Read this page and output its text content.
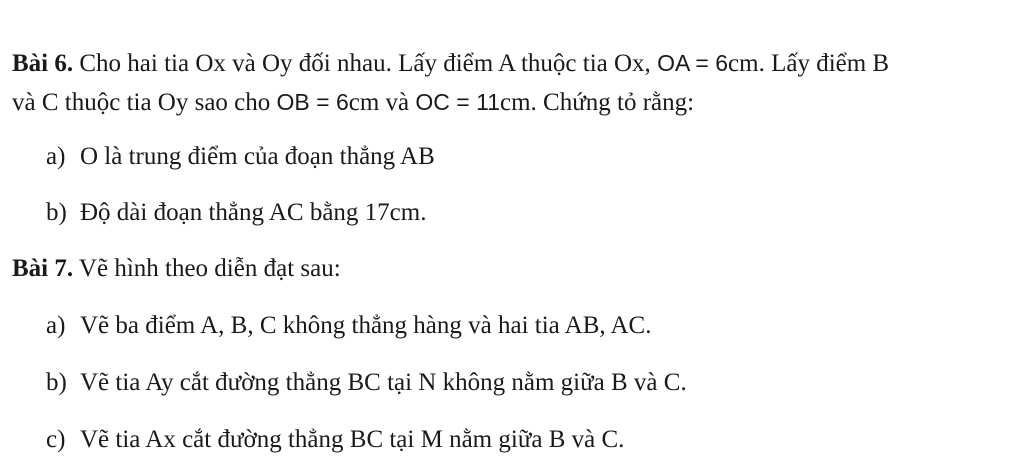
Bài 6. Cho hai tia Ox và Oy đối nhau. Lấy điểm A thuộc tia Ox, OA = 6cm. Lấy điểm B
và C thuộc tia Oy sao cho OB = 6cm và OC = 11cm. Chứng tỏ rằng:
a) O là trung điểm của đoạn thẳng AB
b) Độ dài đoạn thẳng AC bằng 17cm.
Bài 7. Vẽ hình theo diễn đạt sau:
a) Vẽ ba điểm A, B, C không thẳng hàng và hai tia AB, AC.
b) Vẽ tia Ay cắt đường thẳng BC tại N không nằm giữa B và C.
c) Vẽ tia Ax cắt đường thẳng BC tại M nằm giữa B và C.
